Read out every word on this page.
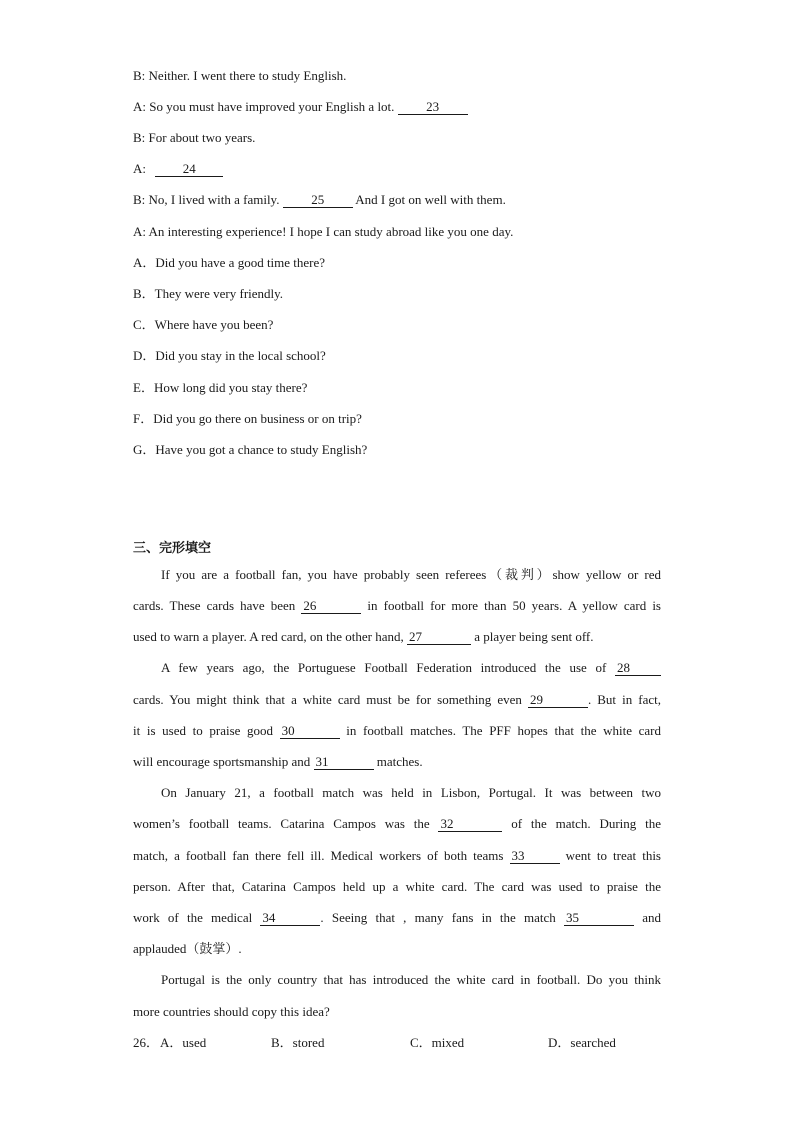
B: Neither. I went there to study English.
A: So you must have improved your English a lot. 23
B: For about two years.
A:	24
B: No, I lived with a family. 25 And I got on well with them.
A: An interesting experience! I hope I can study abroad like you one day.
A．Did you have a good time there?
B．They were very friendly.
C．Where have you been?
D．Did you stay in the local school?
E．How long did you stay there?
F．Did you go there on business or on trip?
G．Have you got a chance to study English?
三、完形填空
If you are a football fan, you have probably seen referees（裁判）show yellow or red
cards. These cards have been 26	in football for more than 50 years. A yellow card is
used to warn a player. A red card, on the other hand, 27	a player being sent off.
A few years ago, the Portuguese Football Federation introduced the use of 28
cards. You might think that a white card must be for something even 29	. But in fact,
it is used to praise good 30	in football matches. The PFF hopes that the white card
will encourage sportsmanship and 31	matches.
On January 21, a football match was held in Lisbon, Portugal. It was between two
women’s football teams. Catarina Campos was the 32	of the match. During the
match, a football fan there fell ill. Medical workers of both teams 33	went to treat this
person. After that, Catarina Campos held up a white card. The card was used to praise the
work of the medical 34	. Seeing that , many fans in the match 35	and
applauded（鼓掌）.
Portugal is the only country that has introduced the white card in football. Do you think
more countries should copy this idea?
26． A．used	B．stored	C．mixed	D．searched
